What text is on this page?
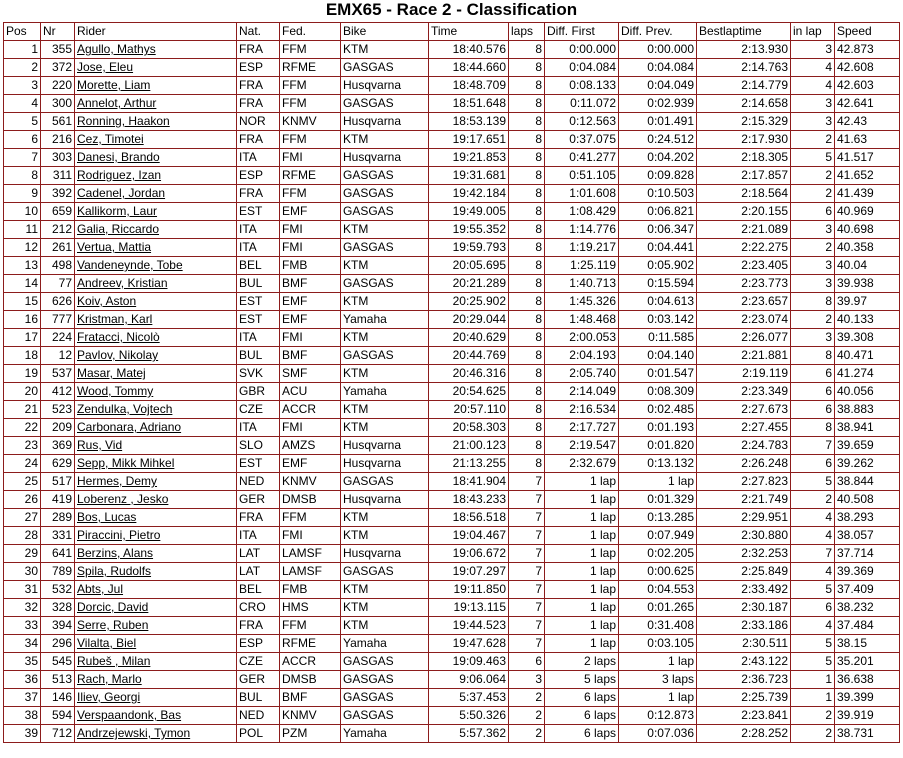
EMX65 - Race 2 - Classification
Pos	Nr	Rider	Nat.	Fed.	Bike	Time	laps	Diff. First	Diff. Prev.	Bestlaptime	in lap	Speed
1	355	Agullo, Mathys	FRA	FFM	KTM	18:40.576	8	0:00.000	0:00.000	2:13.930	3	42.873
2	372	Jose, Eleu	ESP	RFME	GASGAS	18:44.660	8	0:04.084	0:04.084	2:14.763	4	42.608
3	220	Morette, Liam	FRA	FFM	Husqvarna	18:48.709	8	0:08.133	0:04.049	2:14.779	4	42.603
4	300	Annelot, Arthur	FRA	FFM	GASGAS	18:51.648	8	0:11.072	0:02.939	2:14.658	3	42.641
5	561	Ronning, Haakon	NOR	KNMV	Husqvarna	18:53.139	8	0:12.563	0:01.491	2:15.329	3	42.43
6	216	Cez, Timotei	FRA	FFM	KTM	19:17.651	8	0:37.075	0:24.512	2:17.930	2	41.63
7	303	Danesi, Brando	ITA	FMI	Husqvarna	19:21.853	8	0:41.277	0:04.202	2:18.305	5	41.517
8	311	Rodriguez, Izan	ESP	RFME	GASGAS	19:31.681	8	0:51.105	0:09.828	2:17.857	2	41.652
9	392	Cadenel, Jordan	FRA	FFM	GASGAS	19:42.184	8	1:01.608	0:10.503	2:18.564	2	41.439
10	659	Kallikorm, Laur	EST	EMF	GASGAS	19:49.005	8	1:08.429	0:06.821	2:20.155	6	40.969
11	212	Galia, Riccardo	ITA	FMI	KTM	19:55.352	8	1:14.776	0:06.347	2:21.089	3	40.698
12	261	Vertua, Mattia	ITA	FMI	GASGAS	19:59.793	8	1:19.217	0:04.441	2:22.275	2	40.358
13	498	Vandeneynde, Tobe	BEL	FMB	KTM	20:05.695	8	1:25.119	0:05.902	2:23.405	3	40.04
14	77	Andreev, Kristian	BUL	BMF	GASGAS	20:21.289	8	1:40.713	0:15.594	2:23.773	3	39.938
15	626	Koiv, Aston	EST	EMF	KTM	20:25.902	8	1:45.326	0:04.613	2:23.657	8	39.97
16	777	Kristman, Karl	EST	EMF	Yamaha	20:29.044	8	1:48.468	0:03.142	2:23.074	2	40.133
17	224	Fratacci, Nicolò	ITA	FMI	KTM	20:40.629	8	2:00.053	0:11.585	2:26.077	3	39.308
18	12	Pavlov, Nikolay	BUL	BMF	GASGAS	20:44.769	8	2:04.193	0:04.140	2:21.881	8	40.471
19	537	Masar, Matej	SVK	SMF	KTM	20:46.316	8	2:05.740	0:01.547	2:19.119	6	41.274
20	412	Wood, Tommy	GBR	ACU	Yamaha	20:54.625	8	2:14.049	0:08.309	2:23.349	6	40.056
21	523	Zendulka, Vojtech	CZE	ACCR	KTM	20:57.110	8	2:16.534	0:02.485	2:27.673	6	38.883
22	209	Carbonara, Adriano	ITA	FMI	KTM	20:58.303	8	2:17.727	0:01.193	2:27.455	8	38.941
23	369	Rus, Vid	SLO	AMZS	Husqvarna	21:00.123	8	2:19.547	0:01.820	2:24.783	7	39.659
24	629	Sepp, Mikk Mihkel	EST	EMF	Husqvarna	21:13.255	8	2:32.679	0:13.132	2:26.248	6	39.262
25	517	Hermes, Demy	NED	KNMV	GASGAS	18:41.904	7	1 lap	1 lap	2:27.823	5	38.844
26	419	Loberenz , Jesko	GER	DMSB	Husqvarna	18:43.233	7	1 lap	0:01.329	2:21.749	2	40.508
27	289	Bos, Lucas	FRA	FFM	KTM	18:56.518	7	1 lap	0:13.285	2:29.951	4	38.293
28	331	Piraccini, Pietro	ITA	FMI	KTM	19:04.467	7	1 lap	0:07.949	2:30.880	4	38.057
29	641	Berzins, Alans	LAT	LAMSF	Husqvarna	19:06.672	7	1 lap	0:02.205	2:32.253	7	37.714
30	789	Spila, Rudolfs	LAT	LAMSF	GASGAS	19:07.297	7	1 lap	0:00.625	2:25.849	4	39.369
31	532	Abts, Jul	BEL	FMB	KTM	19:11.850	7	1 lap	0:04.553	2:33.492	5	37.409
32	328	Dorcic, David	CRO	HMS	KTM	19:13.115	7	1 lap	0:01.265	2:30.187	6	38.232
33	394	Serre, Ruben	FRA	FFM	KTM	19:44.523	7	1 lap	0:31.408	2:33.186	4	37.484
34	296	Vilalta, Biel	ESP	RFME	Yamaha	19:47.628	7	1 lap	0:03.105	2:30.511	5	38.15
35	545	Rubeš , Milan	CZE	ACCR	GASGAS	19:09.463	6	2 laps	1 lap	2:43.122	5	35.201
36	513	Rach, Marlo	GER	DMSB	GASGAS	9:06.064	3	5 laps	3 laps	2:36.723	1	36.638
37	146	Iliev, Georgi	BUL	BMF	GASGAS	5:37.453	2	6 laps	1 lap	2:25.739	1	39.399
38	594	Verspaandonk, Bas	NED	KNMV	GASGAS	5:50.326	2	6 laps	0:12.873	2:23.841	2	39.919
39	712	Andrzejewski, Tymon	POL	PZM	Yamaha	5:57.362	2	6 laps	0:07.036	2:28.252	2	38.731
